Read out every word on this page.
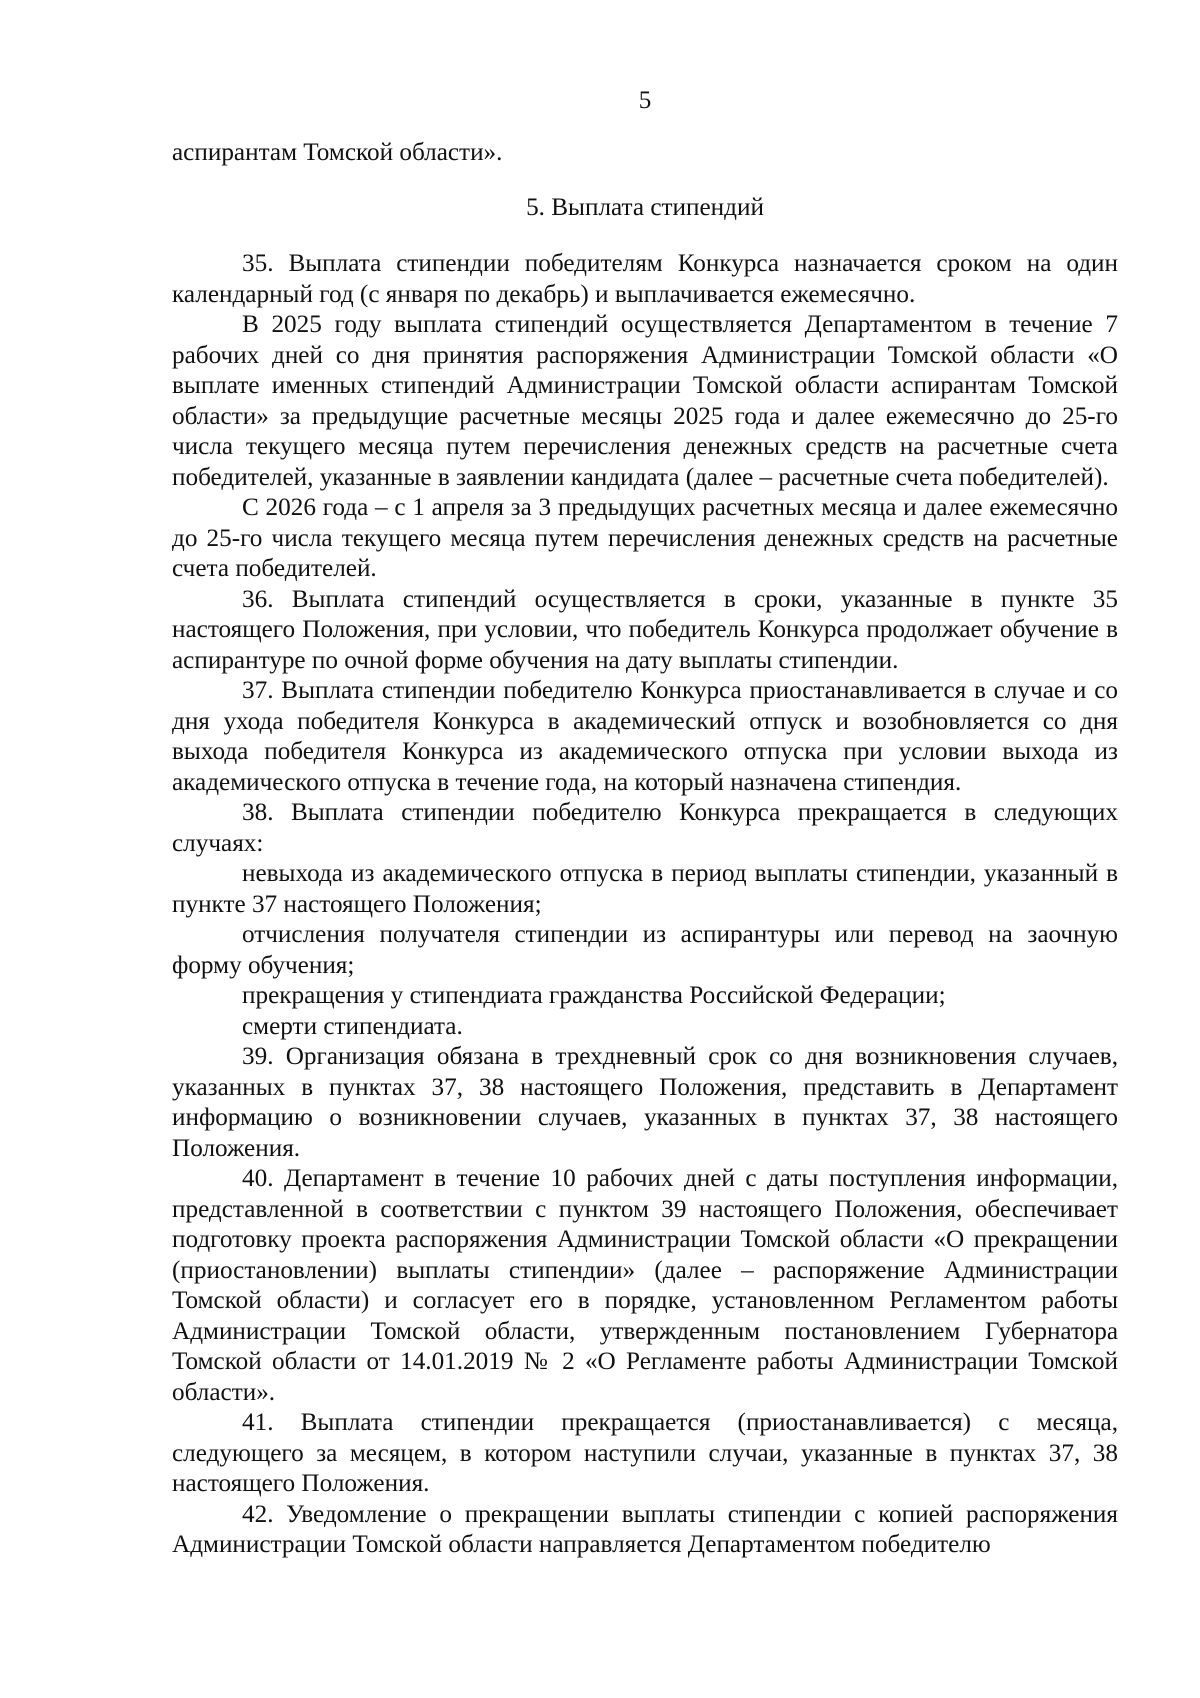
5

аспирантам Томской области».

5. Выплата стипендий

35. Выплата стипендии победителям Конкурса назначается сроком на один календарный год (с января по декабрь) и выплачивается ежемесячно.

В 2025 году выплата стипендий осуществляется Департаментом в течение 7 рабочих дней со дня принятия распоряжения Администрации Томской области «О выплате именных стипендий Администрации Томской области аспирантам Томской области» за предыдущие расчетные месяцы 2025 года и далее ежемесячно до 25-го числа текущего месяца путем перечисления денежных средств на расчетные счета победителей, указанные в заявлении кандидата (далее – расчетные счета победителей).

С 2026 года – с 1 апреля за 3 предыдущих расчетных месяца и далее ежемесячно до 25-го числа текущего месяца путем перечисления денежных средств на расчетные счета победителей.

36. Выплата стипендий осуществляется в сроки, указанные в пункте 35 настоящего Положения, при условии, что победитель Конкурса продолжает обучение в аспирантуре по очной форме обучения на дату выплаты стипендии.

37. Выплата стипендии победителю Конкурса приостанавливается в случае и со дня ухода победителя Конкурса в академический отпуск и возобновляется со дня выхода победителя Конкурса из академического отпуска при условии выхода из академического отпуска в течение года, на который назначена стипендия.

38. Выплата стипендии победителю Конкурса прекращается в следующих случаях:

невыхода из академического отпуска в период выплаты стипендии, указанный в пункте 37 настоящего Положения;

отчисления получателя стипендии из аспирантуры или перевод на заочную форму обучения;

прекращения у стипендиата гражданства Российской Федерации;

смерти стипендиата.

39. Организация обязана в трехдневный срок со дня возникновения случаев, указанных в пунктах 37, 38 настоящего Положения, представить в Департамент информацию о возникновении случаев, указанных в пунктах 37, 38 настоящего Положения.

40. Департамент в течение 10 рабочих дней с даты поступления информации, представленной в соответствии с пунктом 39 настоящего Положения, обеспечивает подготовку проекта распоряжения Администрации Томской области «О прекращении (приостановлении) выплаты стипендии» (далее – распоряжение Администрации Томской области) и согласует его в порядке, установленном Регламентом работы Администрации Томской области, утвержденным постановлением Губернатора Томской области от 14.01.2019 № 2 «О Регламенте работы Администрации Томской области».

41. Выплата стипендии прекращается (приостанавливается) с месяца, следующего за месяцем, в котором наступили случаи, указанные в пунктах 37, 38 настоящего Положения.

42. Уведомление о прекращении выплаты стипендии с копией распоряжения Администрации Томской области направляется Департаментом победителю
